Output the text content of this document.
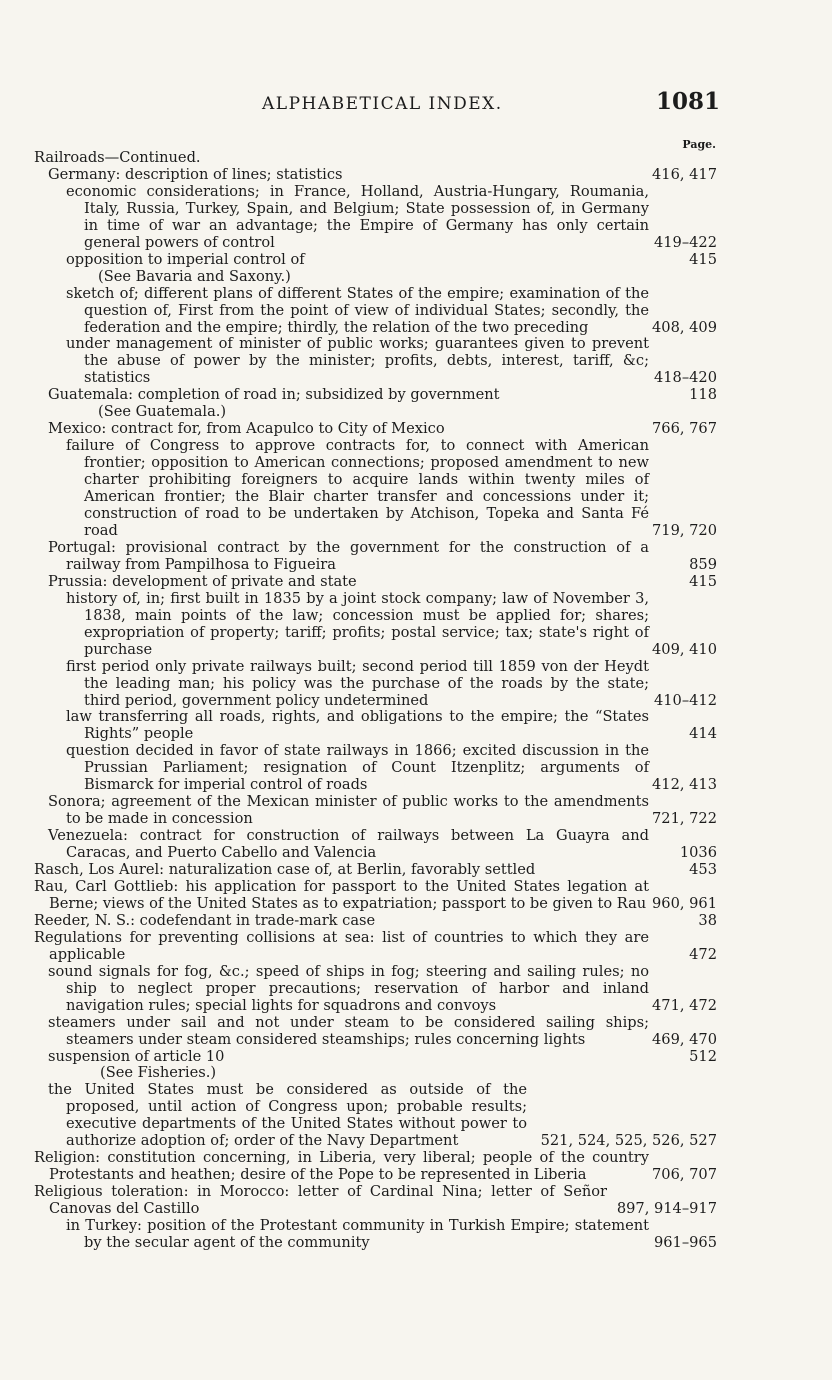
ALPHABETICAL INDEX.	1081
Page.
Railroads—Continued.
Germany: description of lines; statistics	416, 417
economic considerations; in France, Holland, Austria-Hungary, Roumania, Italy, Russia, Turkey, Spain, and Belgium; State possession of, in Germany in time of war an advantage; the Empire of Germany has only certain general powers of control	419–422
opposition to imperial control of	415
(See Bavaria and Saxony.)
sketch of; different plans of different States of the empire; examination of the question of, First from the point of view of individual States; secondly, the federation and the empire; thirdly, the relation of the two preceding	408, 409
under management of minister of public works; guarantees given to prevent the abuse of power by the minister; profits, debts, interest, tariff, &c; statistics	418–420
Guatemala: completion of road in; subsidized by government	118
(See Guatemala.)
Mexico: contract for, from Acapulco to City of Mexico	766, 767
failure of Congress to approve contracts for, to connect with American frontier; opposition to American connections; proposed amendment to new charter prohibiting foreigners to acquire lands within twenty miles of American frontier; the Blair charter transfer and concessions under it; construction of road to be undertaken by Atchison, Topeka and Santa Fé road	719, 720
Portugal: provisional contract by the government for the construction of a railway from Pampilhosa to Figueira	859
Prussia: development of private and state	415
history of, in; first built in 1835 by a joint stock company; law of November 3, 1838, main points of the law; concession must be applied for; shares; expropriation of property; tariff; profits; postal service; tax; state's right of purchase	409, 410
first period only private railways built; second period till 1859 von der Heydt the leading man; his policy was the purchase of the roads by the state; third period, government policy undetermined	410–412
law transferring all roads, rights, and obligations to the empire; the “States Rights” people	414
question decided in favor of state railways in 1866; excited discussion in the Prussian Parliament; resignation of Count Itzenplitz; arguments of Bismarck for imperial control of roads	412, 413
Sonora; agreement of the Mexican minister of public works to the amendments to be made in concession	721, 722
Venezuela: contract for construction of railways between La Guayra and Caracas, and Puerto Cabello and Valencia	1036
Rasch, Los Aurel: naturalization case of, at Berlin, favorably settled	453
Rau, Carl Gottlieb: his application for passport to the United States legation at Berne; views of the United States as to expatriation; passport to be given to Rau 960, 961
Reeder, N. S.: codefendant in trade-mark case	38
Regulations for preventing collisions at sea: list of countries to which they are applicable	472
sound signals for fog, &c.; speed of ships in fog; steering and sailing rules; no ship to neglect proper precautions; reservation of harbor and inland navigation rules; special lights for squadrons and convoys	471, 472
steamers under sail and not under steam to be considered sailing ships; steamers under steam considered steamships; rules concerning lights	469, 470
suspension of article 10	512
(See Fisheries.)
the United States must be considered as outside of the proposed, until action of Congress upon; probable results; executive departments of the United States without power to authorize adoption of; order of the Navy Department	521, 524, 525, 526, 527
Religion: constitution concerning, in Liberia, very liberal; people of the country Protestants and heathen; desire of the Pope to be represented in Liberia	706, 707
Religious toleration: in Morocco: letter of Cardinal Nina; letter of Señor Canovas del Castillo	897, 914–917
in Turkey: position of the Protestant community in Turkish Empire; statement by the secular agent of the community	961–965
